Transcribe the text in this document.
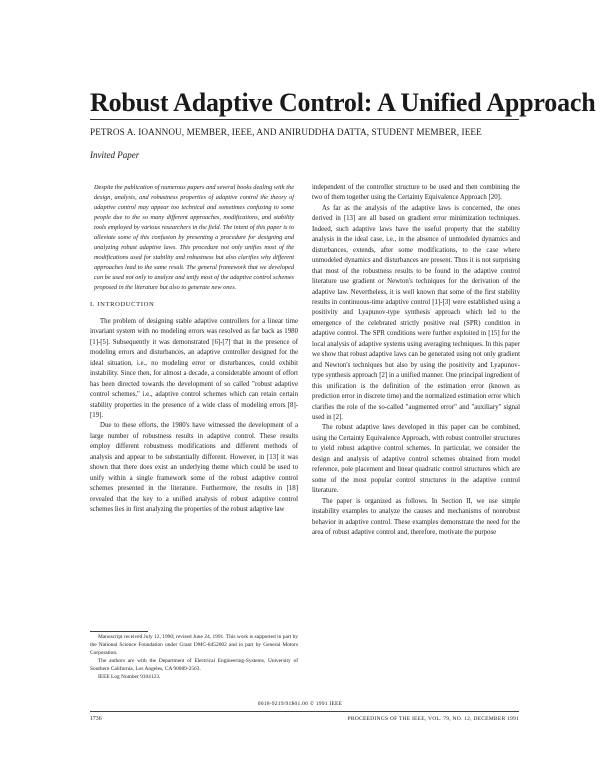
Robust Adaptive Control: A Unified Approach
PETROS A. IOANNOU, MEMBER, IEEE, AND ANIRUDDHA DATTA, STUDENT MEMBER, IEEE
Invited Paper

Despite the publication of numerous papers and several books dealing with the design, analysis, and robustness properties of adaptive control the theory of adaptive control may appear too technical and sometimes confusing to some people due to the so many different approaches, modifications, and stability tools employed by various researchers in the field. The intent of this paper is to alleviate some of this confusion by presenting a procedure for designing and analyzing robust adaptive laws. This procedure not only unifies most of the modifications used for stability and robustness but also clarifies why different approaches lead to the same result. The general framework that we developed can be used not only to analyze and unify most of the adaptive control schemes proposed in the literature but also to generate new ones.

I. INTRODUCTION

The problem of designing stable adaptive controllers for a linear time invariant system with no modeling errors was resolved as far back as 1980 [1]-[5]. Subsequently it was demonstrated [6]-[7] that in the presence of modeling errors and disturbances, an adaptive controller designed for the ideal situation, i.e., no modeling error or disturbances, could exhibit instability. Since then, for almost a decade, a considerable amount of effort has been directed towards the development of so called "robust adaptive control schemes," i.e., adaptive control schemes which can retain certain stability properties in the presence of a wide class of modeling errors [8]-[19].

Due to these efforts, the 1980's have witnessed the development of a large number of robustness results in adaptive control. These results employ different robustness modifications and different methods of analysis and appear to be substantially different. However, in [13] it was shown that there does exist an underlying theme which could be used to unify within a single framework some of the robust adaptive control schemes presented in the literature. Furthermore, the results in [18] revealed that the key to a unified analysis of robust adaptive control schemes lies in first analyzing the properties of the robust adaptive law

Manuscript received July 12, 1990; revised June 24, 1991. This work is supported in part by the National Science Foundation under Grant DMC-8452002 and in part by General Motors Corporation.

The authors are with the Department of Electrical Engineering-Systems, University of Southern California, Los Angeles, CA 90089-2563.

IEEE Log Number 9104123.

independent of the controller structure to be used and then combining the two of them together using the Certainty Equivalence Approach [20].

As far as the analysis of the adaptive laws is concerned, the ones derived in [13] are all based on gradient error minimization techniques. Indeed, such adaptive laws have the useful property that the stability analysis in the ideal case, i.e., in the absence of unmodeled dynamics and disturbances, extends, after some modifications, to the case where unmodeled dynamics and disturbances are present. Thus it is not surprising that most of the robustness results to be found in the adaptive control literature use gradient or Newton's techniques for the derivation of the adaptive law. Nevertheless, it is well known that some of the first stability results in continuous-time adaptive control [1]-[3] were established using a positivity and Lyapunov-type synthesis approach which led to the emergence of the celebrated strictly positive real (SPR) condition in adaptive control. The SPR conditions were further exploited in [15] for the local analysis of adaptive systems using averaging techniques. In this paper we show that robust adaptive laws can be generated using not only gradient and Newton's techniques but also by using the positivity and Lyapunov-type synthesis approach [2] in a unified manner. One principal ingredient of this unification is the definition of the estimation error (known as prediction error in discrete time) and the normalized estimation error which clarifies the role of the so-called "augmented error" and "auxiliary" signal used in [2].

The robust adaptive laws developed in this paper can be combined, using the Certainty Equivalence Approach, with robust controller structures to yield robust adaptive control schemes. In particular, we consider the design and analysis of adaptive control schemes obtained from model reference, pole placement and linear quadratic control structures which are some of the most popular control structures in the adaptive control literature.

The paper is organized as follows. In Section II, we use simple instability examples to analyze the causes and mechanisms of nonrobust behavior in adaptive control. These examples demonstrate the need for the area of robust adaptive control and, therefore, motivate the purpose

0018-9219/91$01.00 © 1991 IEEE
1736	PROCEEDINGS OF THE IEEE, VOL. 79, NO. 12, DECEMBER 1991
